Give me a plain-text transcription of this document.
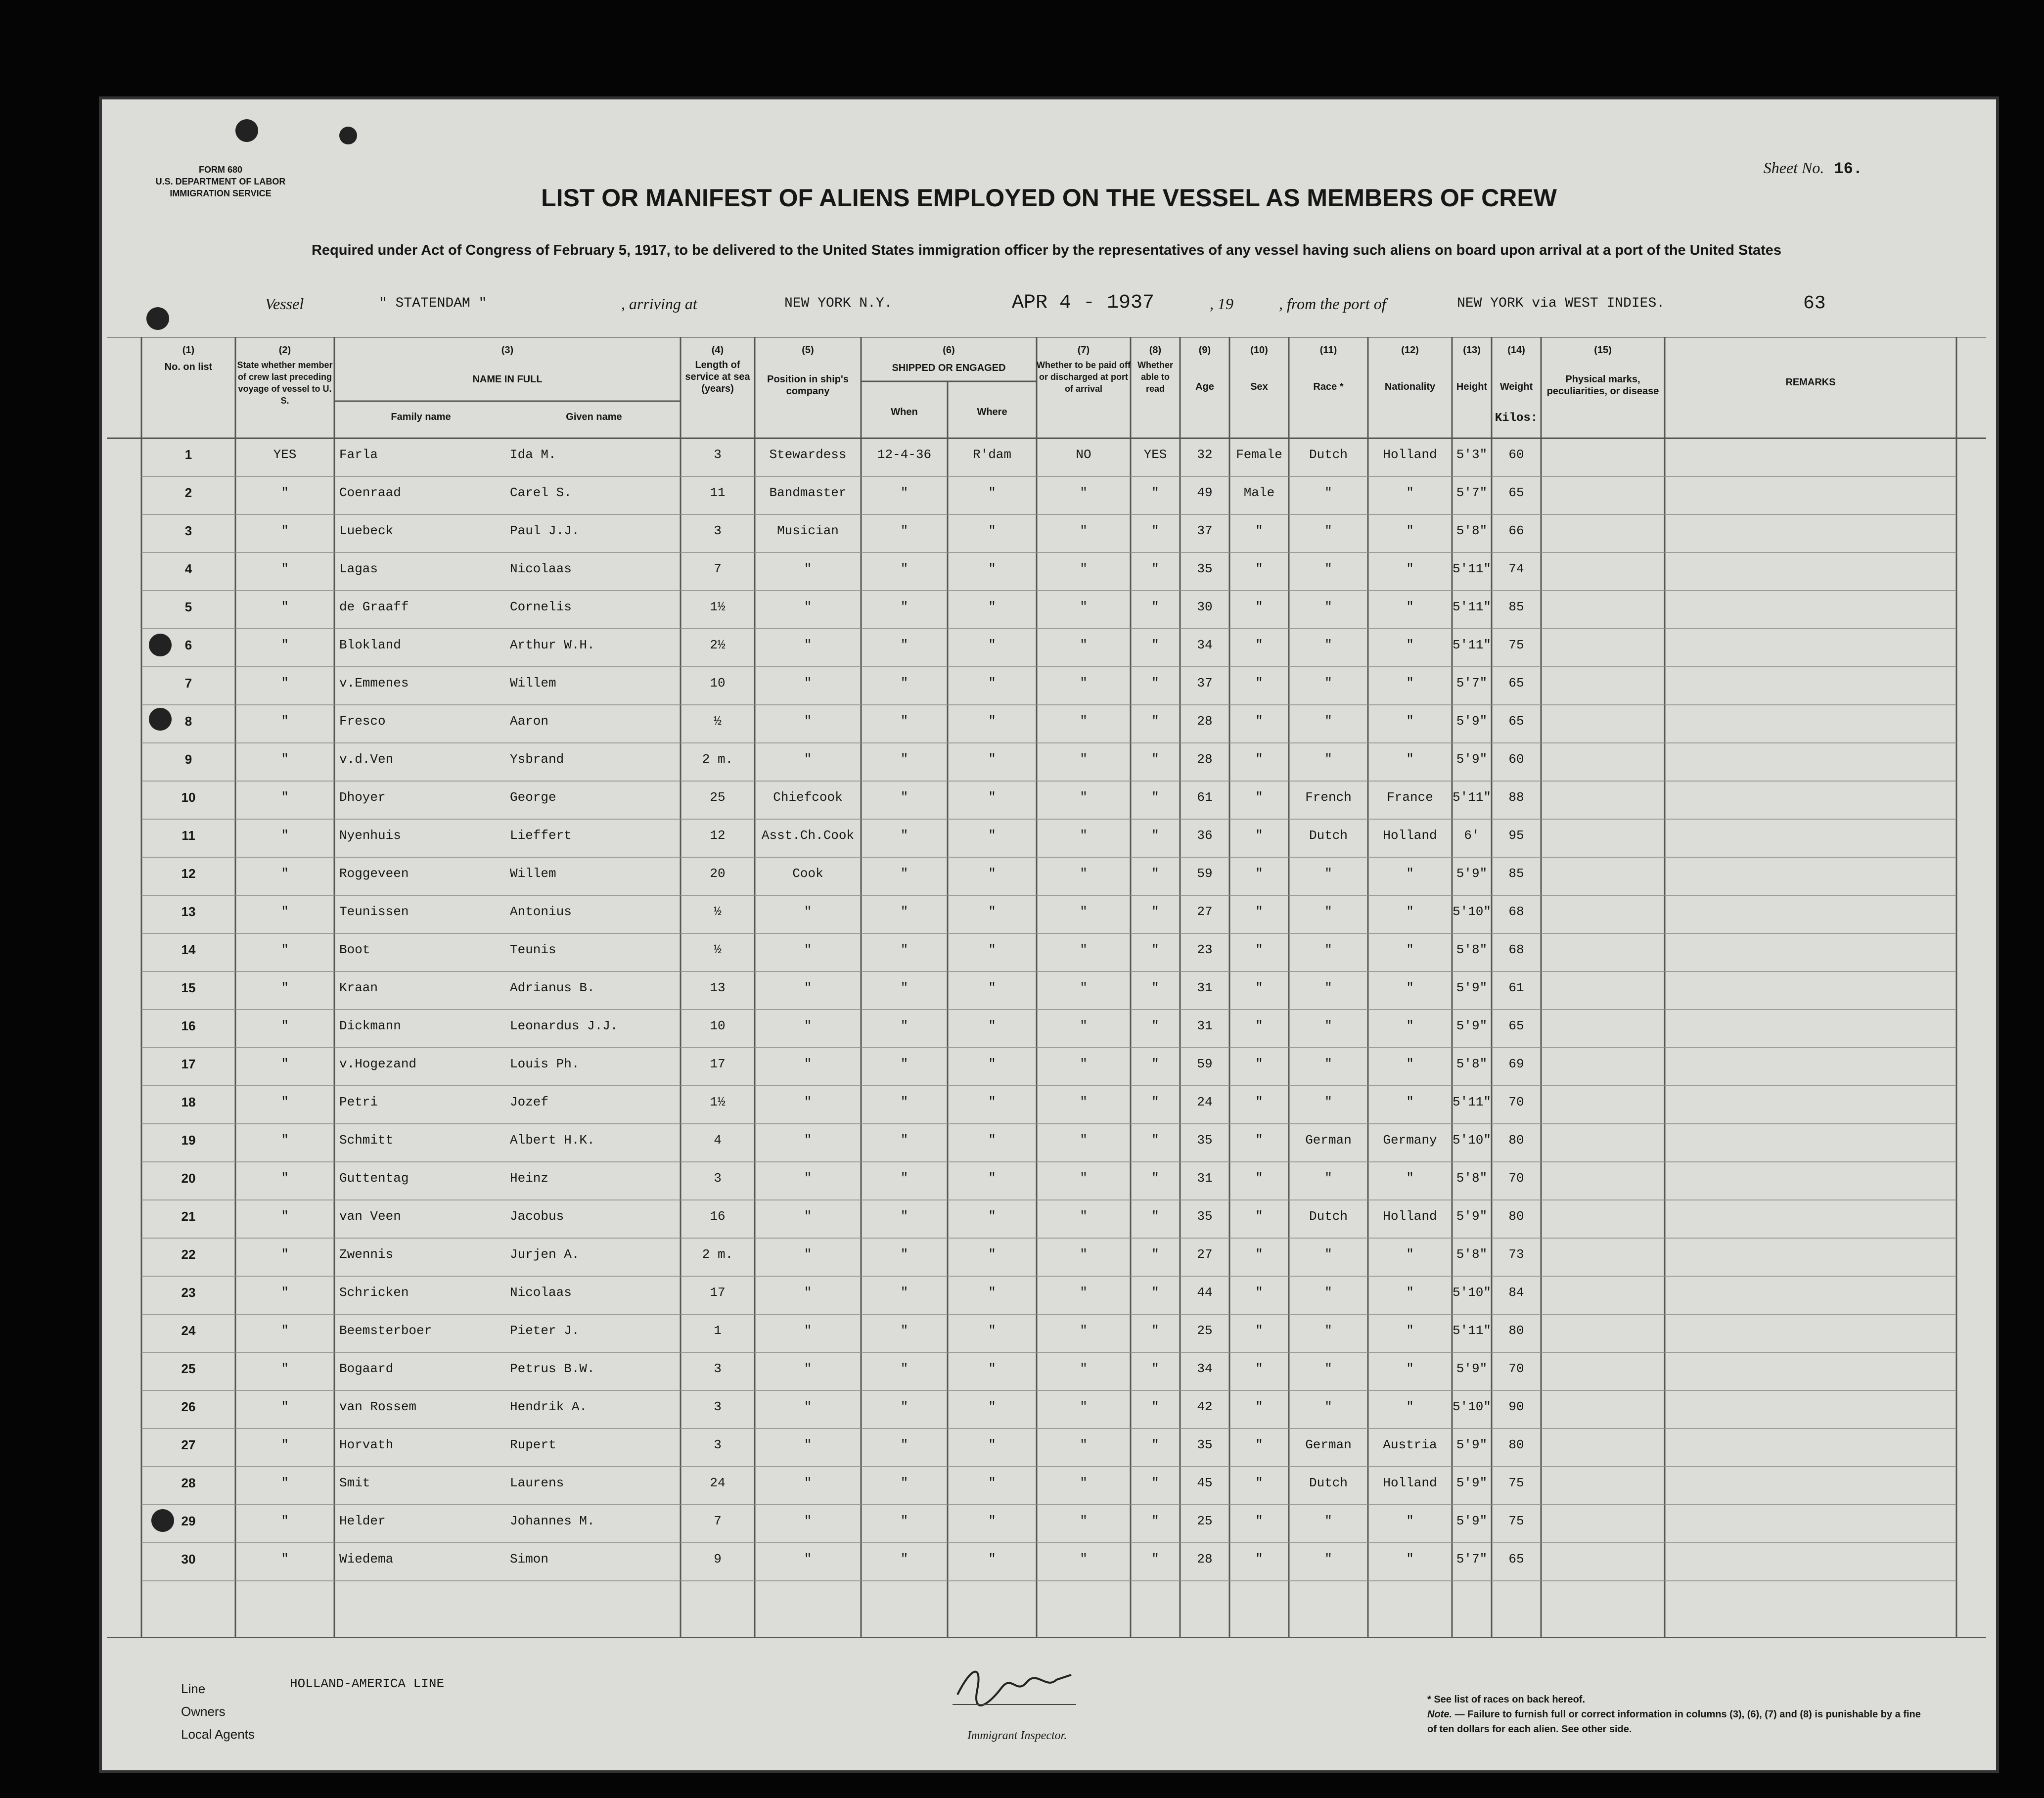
FORM 680
U.S. DEPARTMENT OF LABOR
IMMIGRATION SERVICE
Sheet No. 16.
LIST OR MANIFEST OF ALIENS EMPLOYED ON THE VESSEL AS MEMBERS OF CREW
Required under Act of Congress of February 5, 1917, to be delivered to the United States immigration officer by the representatives of any vessel having such aliens on board upon arrival at a port of the United States
Vessel	" STATENDAM "	, arriving at	NEW YORK N.Y.	APR 4 - 1937	, 19	, from the port of	NEW YORK via WEST INDIES.	63
(1)
No. on list
(2)
State whether member of crew last preceding voyage of vessel to U. S.
(3)
NAME IN FULL
Family name	Given name
(4)
Length of service at sea (years)
(5)
Position in ship's company
(6)
SHIPPED OR ENGAGED
When	Where
(7)
Whether to be paid off or discharged at port of arrival
(8)
Whether able to read
(9)
Age
(10)
Sex
(11)
Race *
(12)
Nationality
(13)
Height
(14)
Weight
Kilos:
(15)
Physical marks, peculiarities, or disease
REMARKS
1	YES	Farla	Ida M.	3	Stewardess	12-4-36	R'dam	NO	YES	32	Female	Dutch	Holland	5'3"	60
2	"	Coenraad	Carel S.	11	Bandmaster	"	"	"	"	49	Male	"	"	5'7"	65
3	"	Luebeck	Paul J.J.	3	Musician	"	"	"	"	37	"	"	"	5'8"	66
4	"	Lagas	Nicolaas	7	"	"	"	"	"	35	"	"	"	5'11"	74
5	"	de Graaff	Cornelis	1½	"	"	"	"	"	30	"	"	"	5'11"	85
6	"	Blokland	Arthur W.H.	2½	"	"	"	"	"	34	"	"	"	5'11"	75
7	"	v.Emmenes	Willem	10	"	"	"	"	"	37	"	"	"	5'7"	65
8	"	Fresco	Aaron	½	"	"	"	"	"	28	"	"	"	5'9"	65
9	"	v.d.Ven	Ysbrand	2 m.	"	"	"	"	"	28	"	"	"	5'9"	60
10	"	Dhoyer	George	25	Chiefcook	"	"	"	"	61	"	French	France	5'11"	88
11	"	Nyenhuis	Lieffert	12	Asst.Ch.Cook	"	"	"	"	36	"	Dutch	Holland	6'	95
12	"	Roggeveen	Willem	20	Cook	"	"	"	"	59	"	"	"	5'9"	85
13	"	Teunissen	Antonius	½	"	"	"	"	"	27	"	"	"	5'10"	68
14	"	Boot	Teunis	½	"	"	"	"	"	23	"	"	"	5'8"	68
15	"	Kraan	Adrianus B.	13	"	"	"	"	"	31	"	"	"	5'9"	61
16	"	Dickmann	Leonardus J.J.	10	"	"	"	"	"	31	"	"	"	5'9"	65
17	"	v.Hogezand	Louis Ph.	17	"	"	"	"	"	59	"	"	"	5'8"	69
18	"	Petri	Jozef	1½	"	"	"	"	"	24	"	"	"	5'11"	70
19	"	Schmitt	Albert H.K.	4	"	"	"	"	"	35	"	German	Germany	5'10"	80
20	"	Guttentag	Heinz	3	"	"	"	"	"	31	"	"	"	5'8"	70
21	"	van Veen	Jacobus	16	"	"	"	"	"	35	"	Dutch	Holland	5'9"	80
22	"	Zwennis	Jurjen A.	2 m.	"	"	"	"	"	27	"	"	"	5'8"	73
23	"	Schricken	Nicolaas	17	"	"	"	"	"	44	"	"	"	5'10"	84
24	"	Beemsterboer	Pieter J.	1	"	"	"	"	"	25	"	"	"	5'11"	80
25	"	Bogaard	Petrus B.W.	3	"	"	"	"	"	34	"	"	"	5'9"	70
26	"	van Rossem	Hendrik A.	3	"	"	"	"	"	42	"	"	"	5'10"	90
27	"	Horvath	Rupert	3	"	"	"	"	"	35	"	German	Austria	5'9"	80
28	"	Smit	Laurens	24	"	"	"	"	"	45	"	Dutch	Holland	5'9"	75
29	"	Helder	Johannes M.	7	"	"	"	"	"	25	"	"	"	5'9"	75
30	"	Wiedema	Simon	9	"	"	"	"	"	28	"	"	"	5'7"	65
Line
Owners
Local Agents
HOLLAND-AMERICA LINE
Immigrant Inspector.
* See list of races on back hereof.
Note. — Failure to furnish full or correct information in columns (3), (6), (7) and (8) is punishable by a fine of ten dollars for each alien. See other side.
